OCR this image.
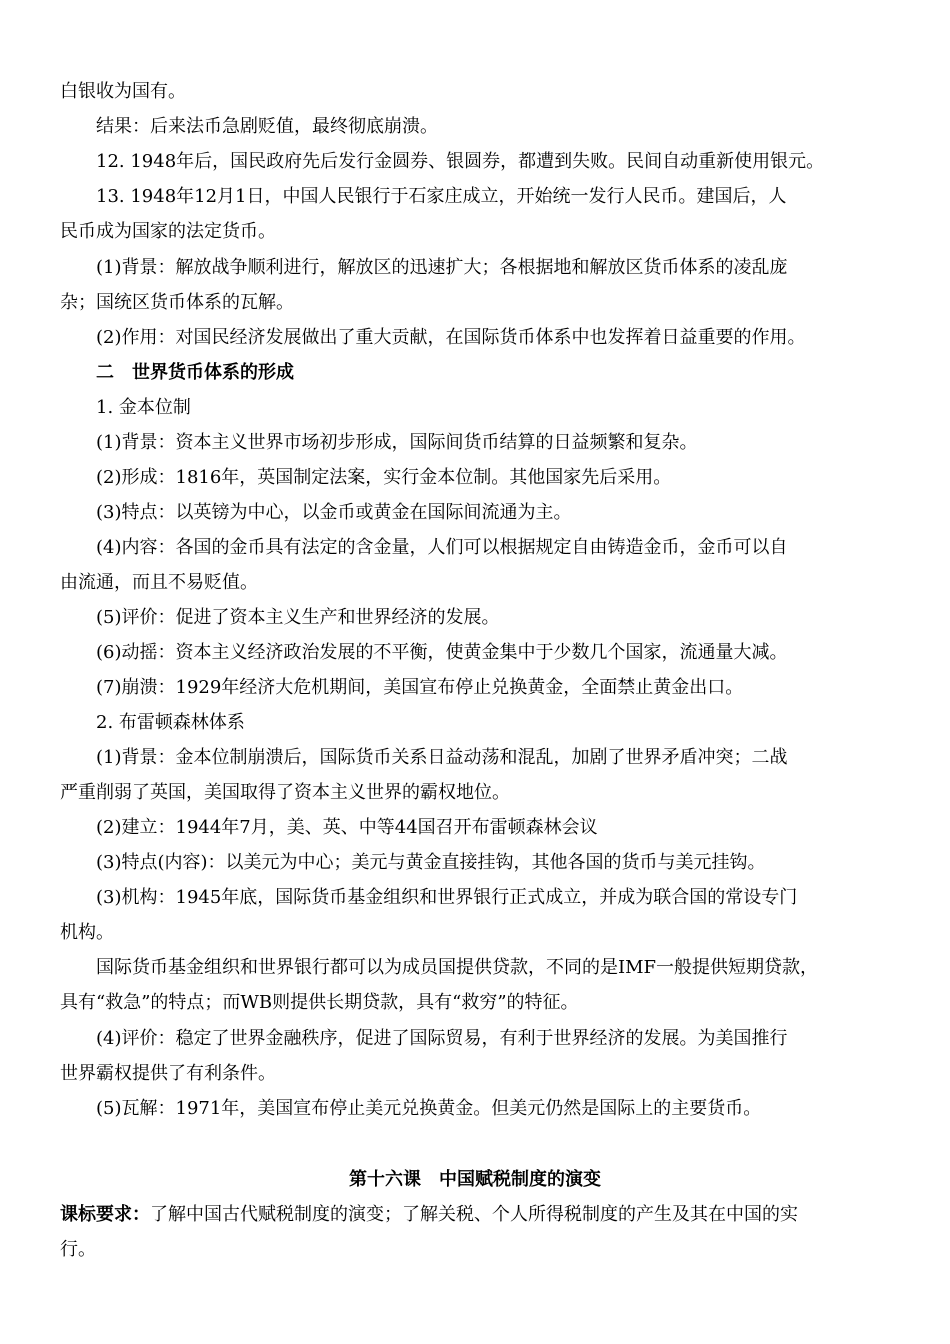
白银收为国有。
结果：后来法币急剧贬值，最终彻底崩溃。
12. 1948年后，国民政府先后发行金圆券、银圆券，都遭到失败。民间自动重新使用银元。
13. 1948年12月1日，中国人民银行于石家庄成立，开始统一发行人民币。建国后，人
民币成为国家的法定货币。
(1)背景：解放战争顺利进行，解放区的迅速扩大；各根据地和解放区货币体系的凌乱庞
杂；国统区货币体系的瓦解。
(2)作用：对国民经济发展做出了重大贡献，在国际货币体系中也发挥着日益重要的作用。
二　世界货币体系的形成
1. 金本位制
(1)背景：资本主义世界市场初步形成，国际间货币结算的日益频繁和复杂。
(2)形成：1816年，英国制定法案，实行金本位制。其他国家先后采用。
(3)特点：以英镑为中心，以金币或黄金在国际间流通为主。
(4)内容：各国的金币具有法定的含金量，人们可以根据规定自由铸造金币，金币可以自
由流通，而且不易贬值。
(5)评价：促进了资本主义生产和世界经济的发展。
(6)动摇：资本主义经济政治发展的不平衡，使黄金集中于少数几个国家，流通量大减。
(7)崩溃：1929年经济大危机期间，美国宣布停止兑换黄金，全面禁止黄金出口。
2. 布雷顿森林体系
(1)背景：金本位制崩溃后，国际货币关系日益动荡和混乱，加剧了世界矛盾冲突；二战
严重削弱了英国，美国取得了资本主义世界的霸权地位。
(2)建立：1944年7月，美、英、中等44国召开布雷顿森林会议
(3)特点(内容)：以美元为中心；美元与黄金直接挂钩，其他各国的货币与美元挂钩。
(3)机构：1945年底，国际货币基金组织和世界银行正式成立，并成为联合国的常设专门
机构。
国际货币基金组织和世界银行都可以为成员国提供贷款，不同的是IMF一般提供短期贷款，
具有“救急”的特点；而WB则提供长期贷款，具有“救穷”的特征。
(4)评价：稳定了世界金融秩序，促进了国际贸易，有利于世界经济的发展。为美国推行
世界霸权提供了有利条件。
(5)瓦解：1971年，美国宣布停止美元兑换黄金。但美元仍然是国际上的主要货币。
第十六课　中国赋税制度的演变
课标要求：了解中国古代赋税制度的演变；了解关税、个人所得税制度的产生及其在中国的实
行。
